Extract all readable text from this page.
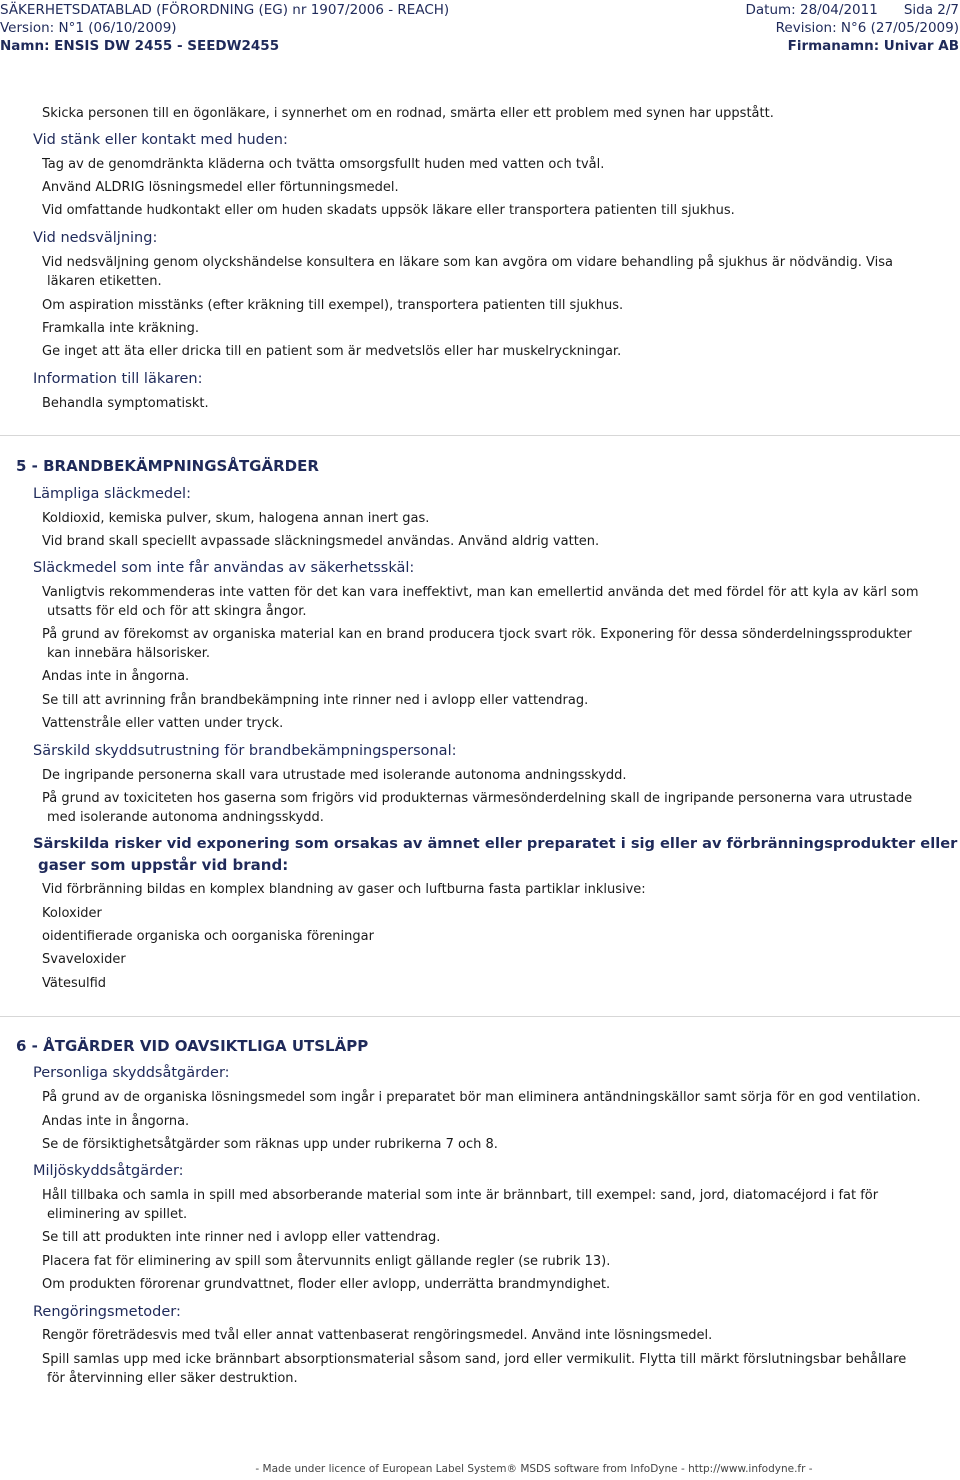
SÄKERHETSDATABLAD (FÖRORDNING (EG) nr 1907/2006 - REACH)	Datum: 28/04/2011 Sida 2/7
Version: N°1 (06/10/2009)	Revision: N°6 (27/05/2009)
Namn: ENSIS DW 2455 - SEEDW2455	Firmanamn: Univar AB
Skicka personen till en ögonläkare, i synnerhet om en rodnad, smärta eller ett problem med synen har uppstått.
Vid stänk eller kontakt med huden:
Tag av de genomdränkta kläderna och tvätta omsorgsfullt huden med vatten och tvål.
Använd ALDRIG lösningsmedel eller förtunningsmedel.
Vid omfattande hudkontakt eller om huden skadats uppsök läkare eller transportera patienten till sjukhus.
Vid nedsväljning:
Vid nedsväljning genom olyckshändelse konsultera en läkare som kan avgöra om vidare behandling på sjukhus är nödvändig. Visa
läkaren etiketten.
Om aspiration misstänks (efter kräkning till exempel), transportera patienten till sjukhus.
Framkalla inte kräkning.
Ge inget att äta eller dricka till en patient som är medvetslös eller har muskelryckningar.
Information till läkaren:
Behandla symptomatiskt.
5 - BRANDBEKÄMPNINGSÅTGÄRDER
Lämpliga släckmedel:
Koldioxid, kemiska pulver, skum, halogena annan inert gas.
Vid brand skall speciellt avpassade släckningsmedel användas. Använd aldrig vatten.
Släckmedel som inte får användas av säkerhetsskäl:
Vanligtvis rekommenderas inte vatten för det kan vara ineffektivt, man kan emellertid använda det med fördel för att kyla av kärl som
utsatts för eld och för att skingra ångor.
På grund av förekomst av organiska material kan en brand producera tjock svart rök. Exponering för dessa sönderdelningssprodukter
kan innebära hälsorisker.
Andas inte in ångorna.
Se till att avrinning från brandbekämpning inte rinner ned i avlopp eller vattendrag.
Vattenstråle eller vatten under tryck.
Särskild skyddsutrustning för brandbekämpningspersonal:
De ingripande personerna skall vara utrustade med isolerande autonoma andningsskydd.
På grund av toxiciteten hos gaserna som frigörs vid produkternas värmesönderdelning skall de ingripande personerna vara utrustade
med isolerande autonoma andningsskydd.
Särskilda risker vid exponering som orsakas av ämnet eller preparatet i sig eller av förbränningsprodukter eller
gaser som uppstår vid brand:
Vid förbränning bildas en komplex blandning av gaser och luftburna fasta partiklar inklusive:
Koloxider
oidentifierade organiska och oorganiska föreningar
Svaveloxider
Vätesulfid
6 - ÅTGÄRDER VID OAVSIKTLIGA UTSLÄPP
Personliga skyddsåtgärder:
På grund av de organiska lösningsmedel som ingår i preparatet bör man eliminera antändningskällor samt sörja för en god ventilation.
Andas inte in ångorna.
Se de försiktighetsåtgärder som räknas upp under rubrikerna 7 och 8.
Miljöskyddsåtgärder:
Håll tillbaka och samla in spill med absorberande material som inte är brännbart, till exempel: sand, jord, diatomacéjord i fat för
eliminering av spillet.
Se till att produkten inte rinner ned i avlopp eller vattendrag.
Placera fat för eliminering av spill som återvunnits enligt gällande regler (se rubrik 13).
Om produkten förorenar grundvattnet, floder eller avlopp, underrätta brandmyndighet.
Rengöringsmetoder:
Rengör företrädesvis med tvål eller annat vattenbaserat rengöringsmedel. Använd inte lösningsmedel.
Spill samlas upp med icke brännbart absorptionsmaterial såsom sand, jord eller vermikulit. Flytta till märkt förslutningsbar behållare
för återvinning eller säker destruktion.
- Made under licence of European Label System® MSDS software from InfoDyne - http://www.infodyne.fr -
